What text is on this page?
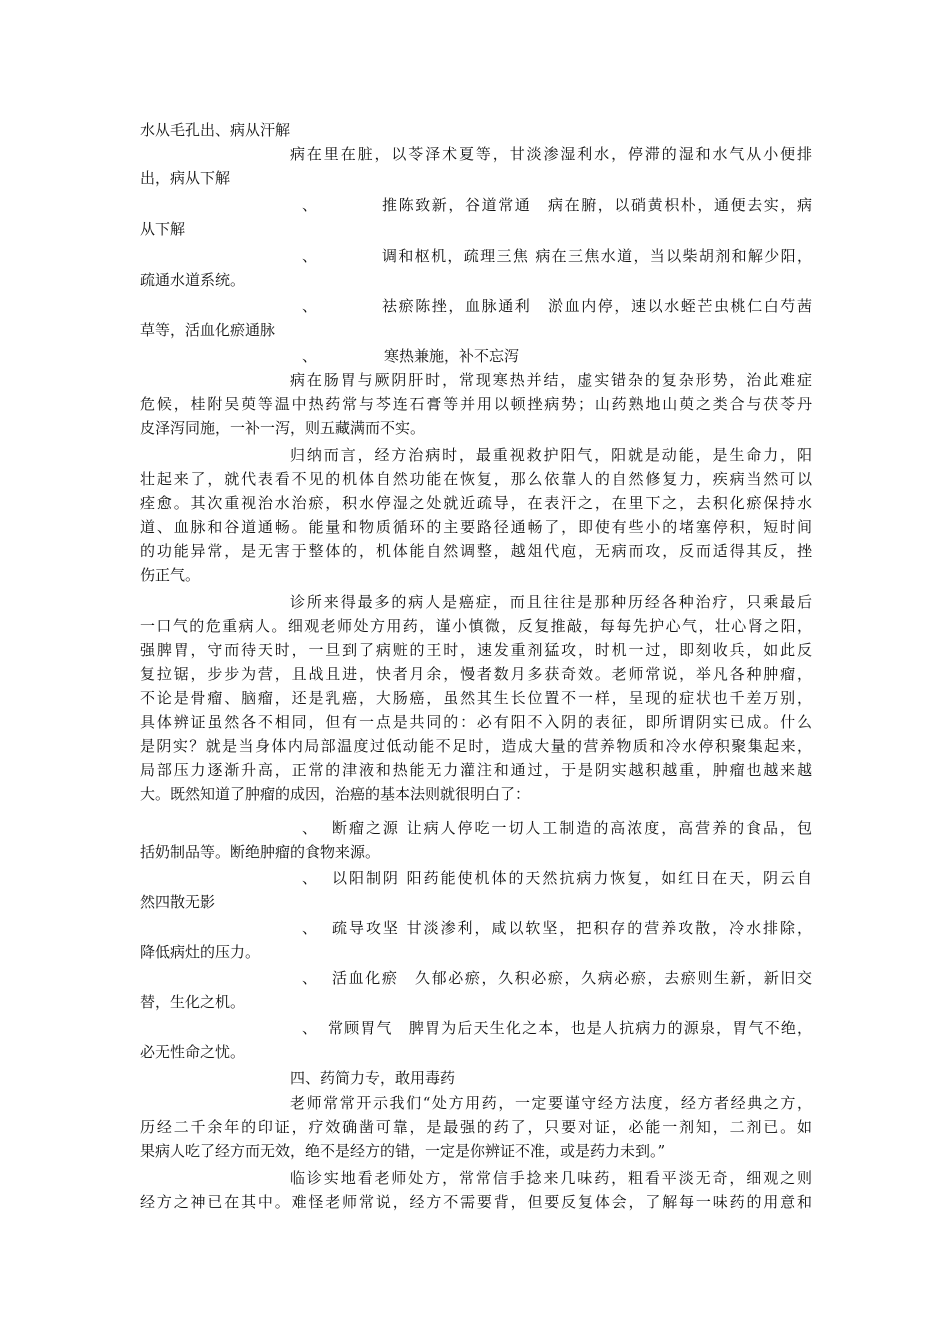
水从毛孔出、病从汗解
病在里在脏，以苓泽术夏等，甘淡渗湿利水，停滞的湿和水气从小便排
出，病从下解
、	推陈致新，谷道常通　病在腑，以硝黄枳朴，通便去实，病
从下解
、	调和枢机，疏理三焦 病在三焦水道，当以柴胡剂和解少阳，
疏通水道系统。
、	祛瘀陈挫，血脉通利　淤血内停，速以水蛭芒虫桃仁白芍茜
草等，活血化瘀通脉
、	寒热兼施，补不忘泻
病在肠胃与厥阴肝时，常现寒热并结，虚实错杂的复杂形势，治此难症
危候，桂附吴萸等温中热药常与芩连石膏等并用以顿挫病势；山药熟地山萸之类合与茯苓丹
皮泽泻同施，一补一泻，则五藏满而不实。
归纳而言，经方治病时，最重视救护阳气，阳就是动能，是生命力，阳
壮起来了，就代表看不见的机体自然功能在恢复，那么依靠人的自然修复力，疾病当然可以
痊愈。其次重视治水治瘀，积水停湿之处就近疏导，在表汗之，在里下之，去积化瘀保持水
道、血脉和谷道通畅。能量和物质循环的主要路径通畅了，即使有些小的堵塞停积，短时间
的功能异常，是无害于整体的，机体能自然调整，越俎代庖，无病而攻，反而适得其反，挫
伤正气。
诊所来得最多的病人是癌症，而且往往是那种历经各种治疗，只乘最后
一口气的危重病人。细观老师处方用药，谨小慎微，反复推敲，每每先护心气，壮心肾之阳，
强脾胃，守而待天时，一旦到了病赃的王时，速发重剂猛攻，时机一过，即刻收兵，如此反
复拉锯，步步为营，且战且进，快者月余，慢者数月多获奇效。老师常说，举凡各种肿瘤，
不论是骨瘤、脑瘤，还是乳癌，大肠癌，虽然其生长位置不一样，呈现的症状也千差万别，
具体辨证虽然各不相同，但有一点是共同的：必有阳不入阴的表征，即所谓阴实已成。什么
是阴实？就是当身体内局部温度过低动能不足时，造成大量的营养物质和冷水停积聚集起来，
局部压力逐渐升高，正常的津液和热能无力灌注和通过，于是阴实越积越重，肿瘤也越来越
大。既然知道了肿瘤的成因，治癌的基本法则就很明白了：
、 断瘤之源 让病人停吃一切人工制造的高浓度，高营养的食品，包
括奶制品等。断绝肿瘤的食物来源。
、 以阳制阴 阳药能使机体的天然抗病力恢复，如红日在天，阴云自
然四散无影
、 疏导攻坚 甘淡渗利，咸以软坚，把积存的营养攻散，冷水排除，
降低病灶的压力。
、 活血化瘀　久郁必瘀，久积必瘀，久病必瘀，去瘀则生新，新旧交
替，生化之机。
、 常顾胃气　脾胃为后天生化之本，也是人抗病力的源泉，胃气不绝，
必无性命之忧。
四、药简力专，敢用毒药
老师常常开示我们“处方用药，一定要谨守经方法度，经方者经典之方，
历经二千余年的印证，疗效确凿可靠，是最强的药了，只要对证，必能一剂知，二剂已。如
果病人吃了经方而无效，绝不是经方的错，一定是你辨证不准，或是药力未到。”
临诊实地看老师处方，常常信手捻来几味药，粗看平淡无奇，细观之则
经方之神已在其中。难怪老师常说，经方不需要背，但要反复体会，了解每一味药的用意和
